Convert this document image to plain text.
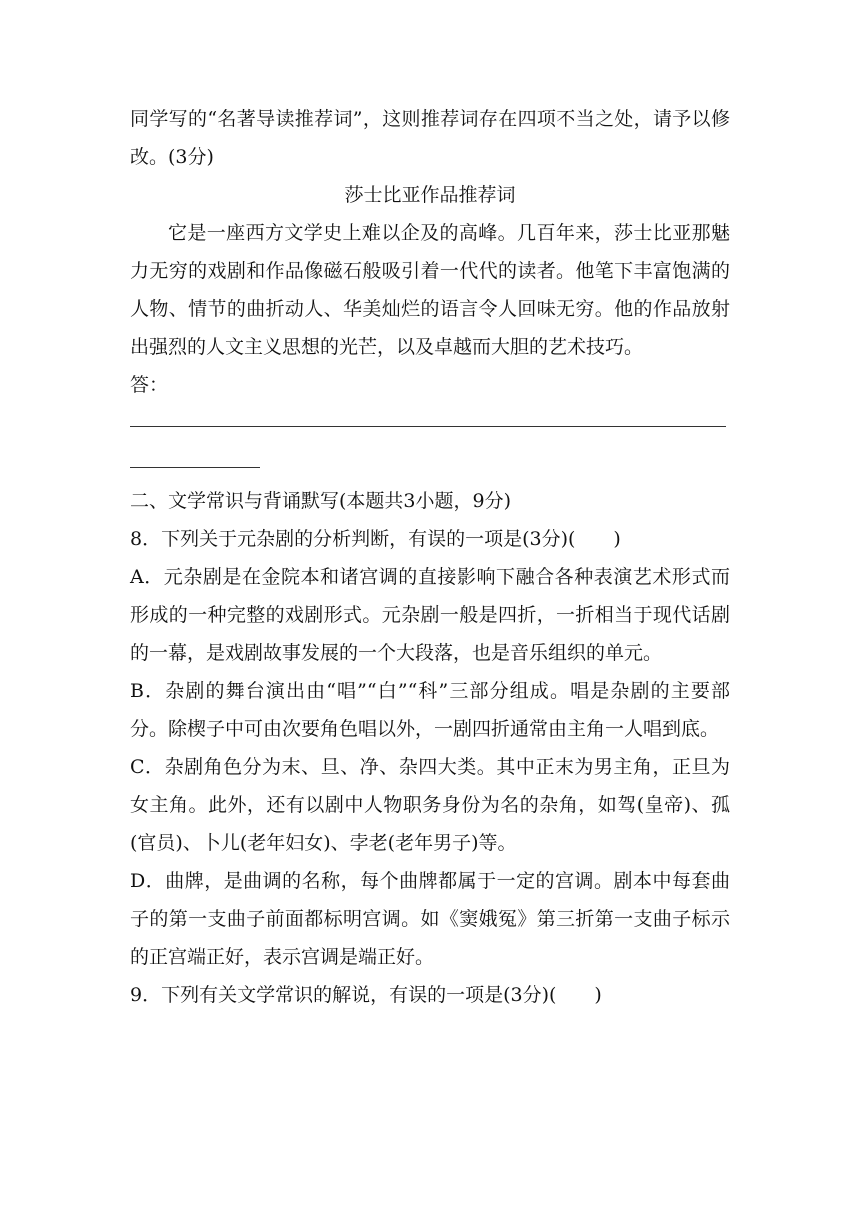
同学写的“名著导读推荐词”，这则推荐词存在四项不当之处，请予以修改。(3分)

莎士比亚作品推荐词

它是一座西方文学史上难以企及的高峰。几百年来，莎士比亚那魅力无穷的戏剧和作品像磁石般吸引着一代代的读者。他笔下丰富饱满的人物、情节的曲折动人、华美灿烂的语言令人回味无穷。他的作品放射出强烈的人文主义思想的光芒，以及卓越而大胆的艺术技巧。

答：

二、文学常识与背诵默写(本题共3小题，9分)

8．下列关于元杂剧的分析判断，有误的一项是(3分)(　　)

A．元杂剧是在金院本和诸宫调的直接影响下融合各种表演艺术形式而形成的一种完整的戏剧形式。元杂剧一般是四折，一折相当于现代话剧的一幕，是戏剧故事发展的一个大段落，也是音乐组织的单元。

B．杂剧的舞台演出由“唱”“白”“科”三部分组成。唱是杂剧的主要部分。除楔子中可由次要角色唱以外，一剧四折通常由主角一人唱到底。

C．杂剧角色分为末、旦、净、杂四大类。其中正末为男主角，正旦为女主角。此外，还有以剧中人物职务身份为名的杂角，如驾(皇帝)、孤(官员)、卜儿(老年妇女)、孛老(老年男子)等。

D．曲牌，是曲调的名称，每个曲牌都属于一定的宫调。剧本中每套曲子的第一支曲子前面都标明宫调。如《窦娥冤》第三折第一支曲子标示的正宫端正好，表示宫调是端正好。

9．下列有关文学常识的解说，有误的一项是(3分)(　　)
